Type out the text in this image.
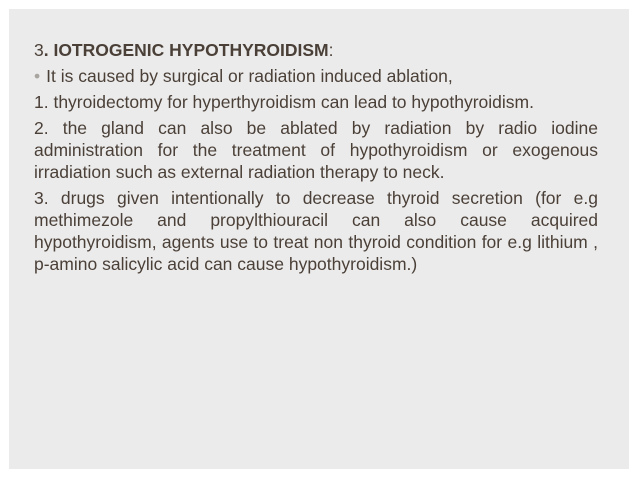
3. IOTROGENIC HYPOTHYROIDISM:

• It is caused by surgical or radiation induced ablation,

1. thyroidectomy for hyperthyroidism can lead to hypothyroidism.

2. the gland can also be ablated by radiation by radio iodine administration for the treatment of hypothyroidism or exogenous irradiation such as external radiation therapy to neck.

3. drugs given intentionally to decrease thyroid secretion (for e.g methimezole and propylthiouracil can also cause acquired hypothyroidism, agents use to treat non thyroid condition for e.g lithium , p-amino salicylic acid can cause hypothyroidism.)
